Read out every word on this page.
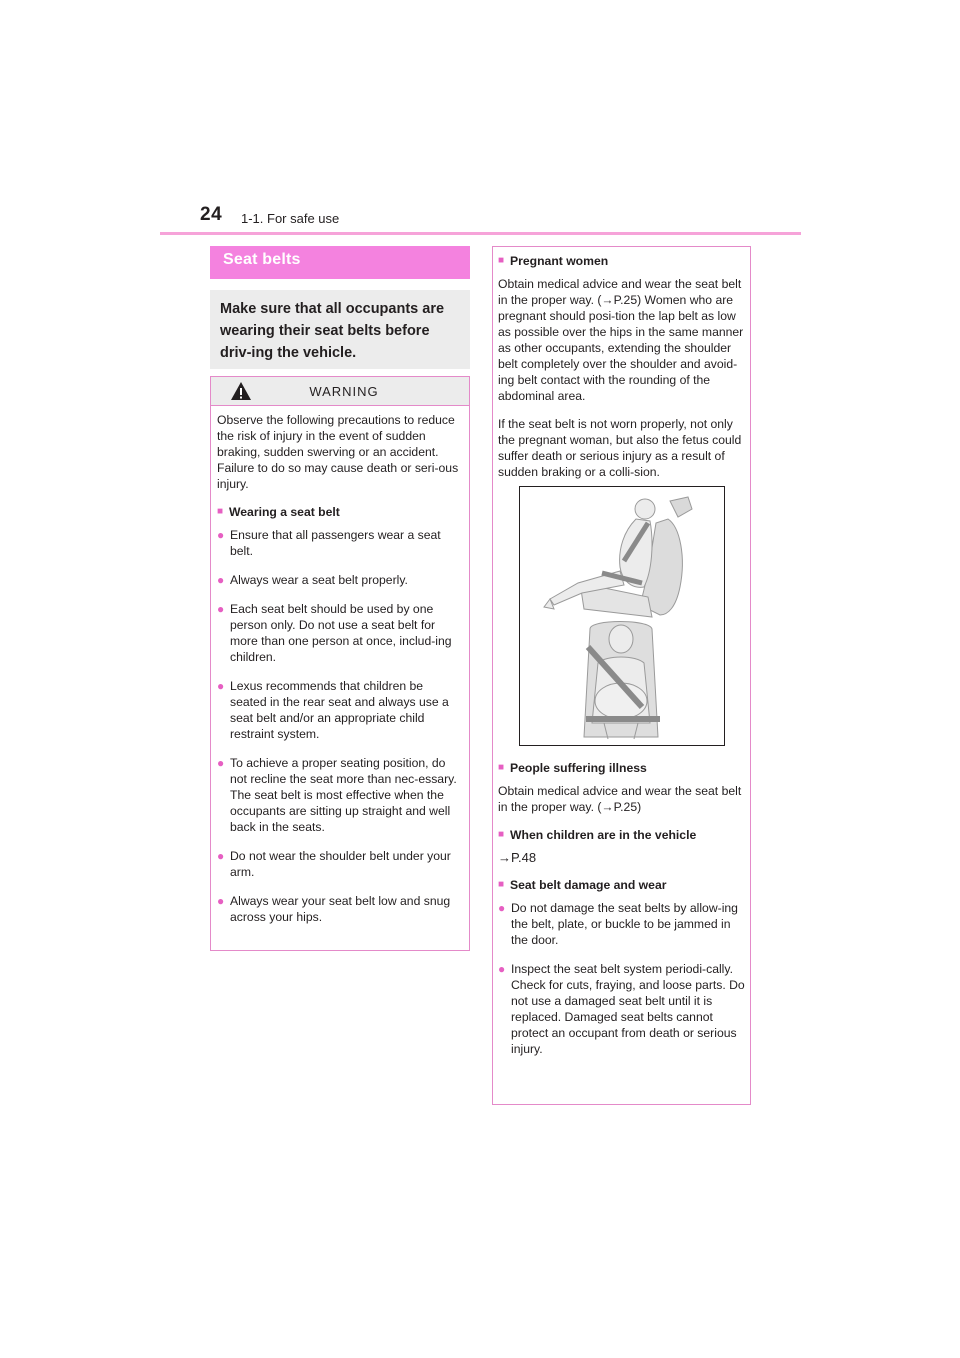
24 1-1. For safe use
Seat belts
Make sure that all occupants are wearing their seat belts before driv-ing the vehicle.
WARNING
Observe the following precautions to reduce the risk of injury in the event of sudden braking, sudden swerving or an accident.
Failure to do so may cause death or seri-ous injury.
■ Wearing a seat belt
● Ensure that all passengers wear a seat belt.
● Always wear a seat belt properly.
● Each seat belt should be used by one person only. Do not use a seat belt for more than one person at once, includ-ing children.
● Lexus recommends that children be seated in the rear seat and always use a seat belt and/or an appropriate child restraint system.
● To achieve a proper seating position, do not recline the seat more than nec-essary. The seat belt is most effective when the occupants are sitting up straight and well back in the seats.
● Do not wear the shoulder belt under your arm.
● Always wear your seat belt low and snug across your hips.
■ Pregnant women
Obtain medical advice and wear the seat belt in the proper way. (→P.25) Women who are pregnant should posi-tion the lap belt as low as possible over the hips in the same manner as other occupants, extending the shoulder belt completely over the shoulder and avoid-ing belt contact with the rounding of the abdominal area.
If the seat belt is not worn properly, not only the pregnant woman, but also the fetus could suffer death or serious injury as a result of sudden braking or a colli-sion.
■ People suffering illness
Obtain medical advice and wear the seat belt in the proper way. (→P.25)
■ When children are in the vehicle
→P.48
■ Seat belt damage and wear
● Do not damage the seat belts by allow-ing the belt, plate, or buckle to be jammed in the door.
● Inspect the seat belt system periodi-cally. Check for cuts, fraying, and loose parts. Do not use a damaged seat belt until it is replaced. Damaged seat belts cannot protect an occupant from death or serious injury.
